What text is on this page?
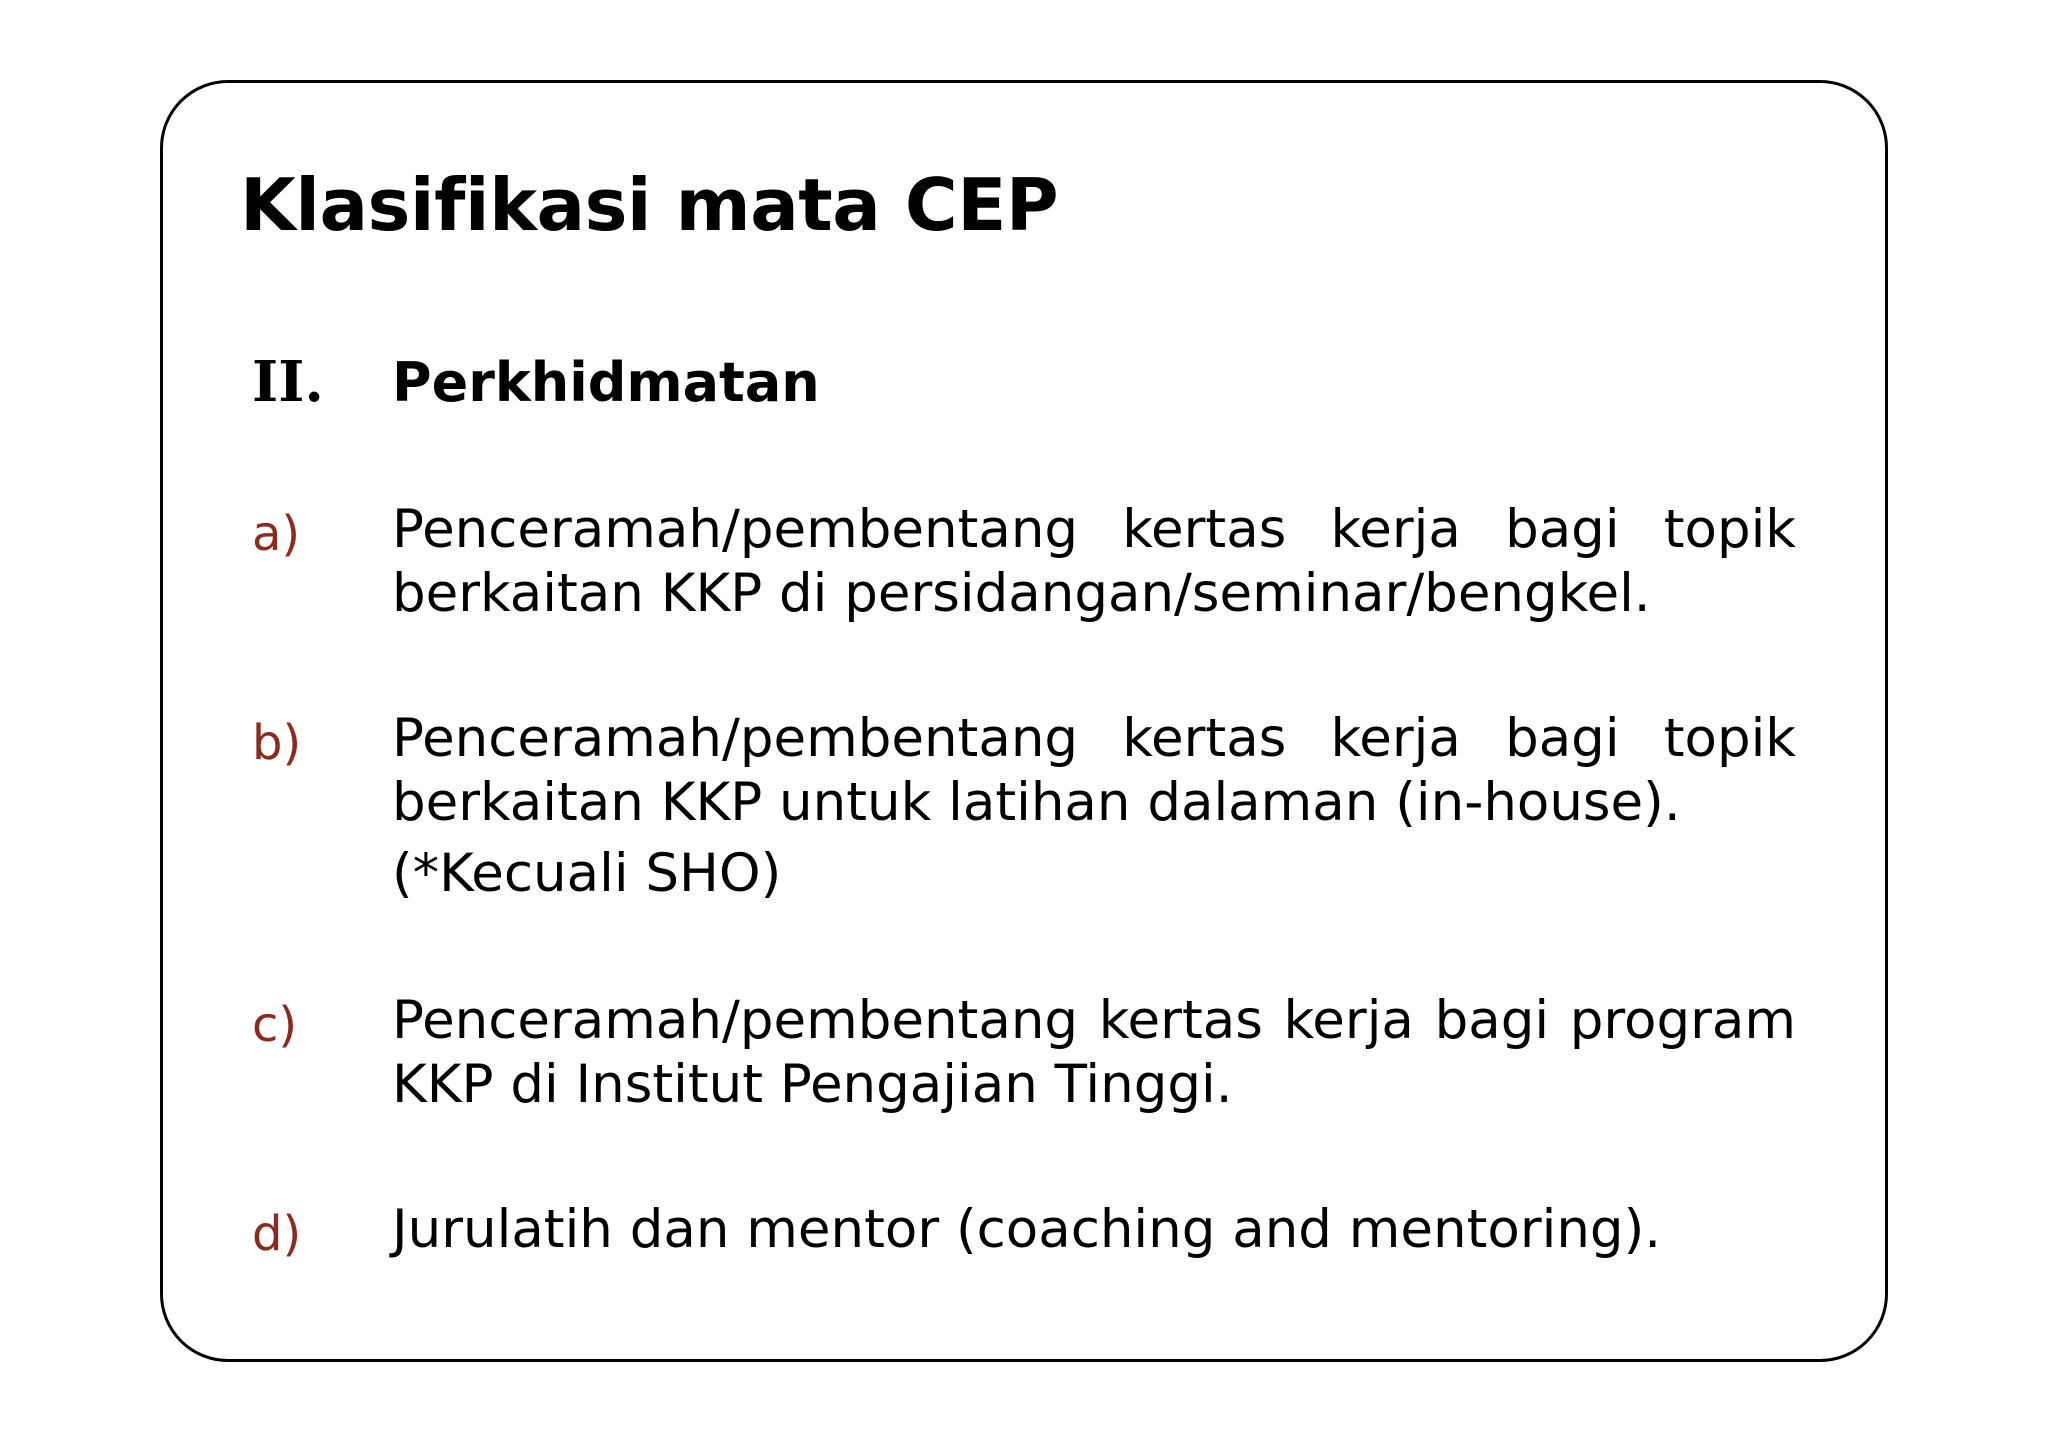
Klasifikasi mata CEP
II. Perkhidmatan
a) Penceramah/pembentang kertas kerja bagi topik
berkaitan KKP di persidangan/seminar/bengkel.
b) Penceramah/pembentang kertas kerja bagi topik
berkaitan KKP untuk latihan dalaman (in-house).
(*Kecuali SHO)
c) Penceramah/pembentang kertas kerja bagi program
KKP di Institut Pengajian Tinggi.
d) Jurulatih dan mentor (coaching and mentoring).
